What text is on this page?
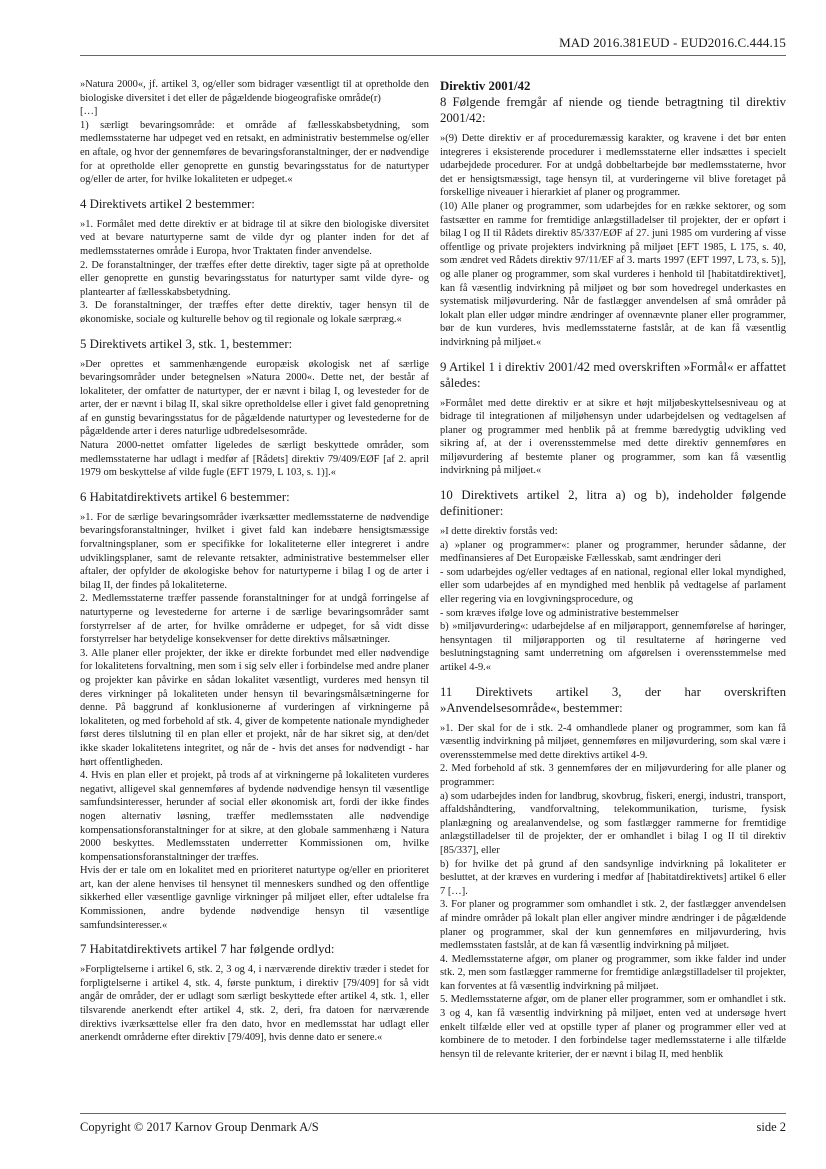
MAD 2016.381EUD - EUD2016.C.444.15

»Natura 2000«, jf. artikel 3, og/eller som bidrager væsentligt til at opretholde den biologiske diversitet i det eller de pågældende biogeografiske område(r)

[…]

1) særligt bevaringsområde: et område af fællesskabsbetydning, som medlemsstaterne har udpeget ved en retsakt, en administrativ bestemmelse og/eller en aftale, og hvor der gennemføres de bevaringsforanstaltninger, der er nødvendige for at opretholde eller genoprette en gunstig bevaringsstatus for de naturtyper og/eller de arter, for hvilke lokaliteten er udpeget.«

4 Direktivets artikel 2 bestemmer:

»1. Formålet med dette direktiv er at bidrage til at sikre den biologiske diversitet ved at bevare naturtyperne samt de vilde dyr og planter inden for det af medlemsstaternes område i Europa, hvor Traktaten finder anvendelse.

2. De foranstaltninger, der træffes efter dette direktiv, tager sigte på at opretholde eller genoprette en gunstig bevaringsstatus for naturtyper samt vilde dyre- og plantearter af fællesskabsbetydning.

3. De foranstaltninger, der træffes efter dette direktiv, tager hensyn til de økonomiske, sociale og kulturelle behov og til regionale og lokale særpræg.«

5 Direktivets artikel 3, stk. 1, bestemmer:

»Der oprettes et sammenhængende europæisk økologisk net af særlige bevaringsområder under betegnelsen »Natura 2000«. Dette net, der består af lokaliteter, der omfatter de naturtyper, der er nævnt i bilag I, og levesteder for de arter, der er nævnt i bilag II, skal sikre opretholdelse eller i givet fald genopretning af en gunstig bevaringsstatus for de pågældende naturtyper og levestederne for de pågældende arter i deres naturlige udbredelsesområde.

Natura 2000-nettet omfatter ligeledes de særligt beskyttede områder, som medlemsstaterne har udlagt i medfør af [Rådets] direktiv 79/409/EØF [af 2. april 1979 om beskyttelse af vilde fugle (EFT 1979, L 103, s. 1)].«

6 Habitatdirektivets artikel 6 bestemmer:

»1. For de særlige bevaringsområder iværksætter medlemsstaterne de nødvendige bevaringsforanstaltninger, hvilket i givet fald kan indebære hensigtsmæssige forvaltningsplaner, som er specifikke for lokaliteterne eller integreret i andre udviklingsplaner, samt de relevante retsakter, administrative bestemmelser eller aftaler, der opfylder de økologiske behov for naturtyperne i bilag I og de arter i bilag II, der findes på lokaliteterne.

2. Medlemsstaterne træffer passende foranstaltninger for at undgå forringelse af naturtyperne og levestederne for arterne i de særlige bevaringsområder samt forstyrrelser af de arter, for hvilke områderne er udpeget, for så vidt disse forstyrrelser har betydelige konsekvenser for dette direktivs målsætninger.

3. Alle planer eller projekter, der ikke er direkte forbundet med eller nødvendige for lokalitetens forvaltning, men som i sig selv eller i forbindelse med andre planer og projekter kan påvirke en sådan lokalitet væsentligt, vurderes med hensyn til deres virkninger på lokaliteten under hensyn til bevaringsmålsætningerne for denne. På baggrund af konklusionerne af vurderingen af virkningerne på lokaliteten, og med forbehold af stk. 4, giver de kompetente nationale myndigheder først deres tilslutning til en plan eller et projekt, når de har sikret sig, at den/det ikke skader lokalitetens integritet, og når de - hvis det anses for nødvendigt - har hørt offentligheden.

4. Hvis en plan eller et projekt, på trods af at virkningerne på lokaliteten vurderes negativt, alligevel skal gennemføres af bydende nødvendige hensyn til væsentlige samfundsinteresser, herunder af social eller økonomisk art, fordi der ikke findes nogen alternativ løsning, træffer medlemsstaten alle nødvendige kompensationsforanstaltninger for at sikre, at den globale sammenhæng i Natura 2000 beskyttes. Medlemsstaten underretter Kommissionen om, hvilke kompensationsforanstaltninger der træffes.

Hvis der er tale om en lokalitet med en prioriteret naturtype og/eller en prioriteret art, kan der alene henvises til hensynet til menneskers sundhed og den offentlige sikkerhed eller væsentlige gavnlige virkninger på miljøet eller, efter udtalelse fra Kommissionen, andre bydende nødvendige hensyn til væsentlige samfundsinteresser.«

7 Habitatdirektivets artikel 7 har følgende ordlyd:

»Forpligtelserne i artikel 6, stk. 2, 3 og 4, i nærværende direktiv træder i stedet for forpligtelserne i artikel 4, stk. 4, første punktum, i direktiv [79/409] for så vidt angår de områder, der er udlagt som særligt beskyttede efter artikel 4, stk. 1, eller tilsvarende anerkendt efter artikel 4, stk. 2, deri, fra datoen for nærværende direktivs iværksættelse eller fra den dato, hvor en medlemsstat har udlagt eller anerkendt områderne efter direktiv [79/409], hvis denne dato er senere.«

Direktiv 2001/42
8 Følgende fremgår af niende og tiende betragtning til direktiv 2001/42:

»(9) Dette direktiv er af proceduremæssig karakter, og kravene i det bør enten integreres i eksisterende procedurer i medlemsstaterne eller indsættes i specielt udarbejdede procedurer. For at undgå dobbeltarbejde bør medlemsstaterne, hvor det er hensigtsmæssigt, tage hensyn til, at vurderingerne vil blive foretaget på forskellige niveauer i hierarkiet af planer og programmer.

(10) Alle planer og programmer, som udarbejdes for en række sektorer, og som fastsætter en ramme for fremtidige anlægstilladelser til projekter, der er opført i bilag I og II til Rådets direktiv 85/337/EØF af 27. juni 1985 om vurdering af visse offentlige og private projekters indvirkning på miljøet [EFT 1985, L 175, s. 40, som ændret ved Rådets direktiv 97/11/EF af 3. marts 1997 (EFT 1997, L 73, s. 5)], og alle planer og programmer, som skal vurderes i henhold til [habitatdirektivet], kan få væsentlig indvirkning på miljøet og bør som hovedregel underkastes en systematisk miljøvurdering. Når de fastlægger anvendelsen af små områder på lokalt plan eller udgør mindre ændringer af ovennævnte planer eller programmer, bør de kun vurderes, hvis medlemsstaterne fastslår, at de kan få væsentlig indvirkning på miljøet.«

9 Artikel 1 i direktiv 2001/42 med overskriften »Formål« er affattet således:

»Formålet med dette direktiv er at sikre et højt miljøbeskyttelsesniveau og at bidrage til integrationen af miljøhensyn under udarbejdelsen og vedtagelsen af planer og programmer med henblik på at fremme bæredygtig udvikling ved sikring af, at der i overensstemmelse med dette direktiv gennemføres en miljøvurdering af bestemte planer og programmer, som kan få væsentlig indvirkning på miljøet.«

10 Direktivets artikel 2, litra a) og b), indeholder følgende definitioner:

»I dette direktiv forstås ved:

a) »planer og programmer«: planer og programmer, herunder sådanne, der medfinansieres af Det Europæiske Fællesskab, samt ændringer deri

- som udarbejdes og/eller vedtages af en national, regional eller lokal myndighed, eller som udarbejdes af en myndighed med henblik på vedtagelse af parlament eller regering via en lovgivningsprocedure, og

- som kræves ifølge love og administrative bestemmelser

b) »miljøvurdering«: udarbejdelse af en miljørapport, gennemførelse af høringer, hensyntagen til miljørapporten og til resultaterne af høringerne ved beslutningstagning samt underretning om afgørelsen i overensstemmelse med artikel 4-9.«

11 Direktivets artikel 3, der har overskriften »Anvendelsesområde«, bestemmer:

»1. Der skal for de i stk. 2-4 omhandlede planer og programmer, som kan få væsentlig indvirkning på miljøet, gennemføres en miljøvurdering, som skal være i overensstemmelse med dette direktivs artikel 4-9.

2. Med forbehold af stk. 3 gennemføres der en miljøvurdering for alle planer og programmer:

a) som udarbejdes inden for landbrug, skovbrug, fiskeri, energi, industri, transport, affaldshåndtering, vandforvaltning, telekommunikation, turisme, fysisk planlægning og arealanvendelse, og som fastlægger rammerne for fremtidige anlægstilladelser til de projekter, der er omhandlet i bilag I og II til direktiv [85/337], eller

b) for hvilke det på grund af den sandsynlige indvirkning på lokaliteter er besluttet, at der kræves en vurdering i medfør af [habitatdirektivets] artikel 6 eller 7 […].

3. For planer og programmer som omhandlet i stk. 2, der fastlægger anvendelsen af mindre områder på lokalt plan eller angiver mindre ændringer i de pågældende planer og programmer, skal der kun gennemføres en miljøvurdering, hvis medlemsstaten fastslår, at de kan få væsentlig indvirkning på miljøet.

4. Medlemsstaterne afgør, om planer og programmer, som ikke falder ind under stk. 2, men som fastlægger rammerne for fremtidige anlægstilladelser til projekter, kan forventes at få væsentlig indvirkning på miljøet.

5. Medlemsstaterne afgør, om de planer eller programmer, som er omhandlet i stk. 3 og 4, kan få væsentlig indvirkning på miljøet, enten ved at undersøge hvert enkelt tilfælde eller ved at opstille typer af planer og programmer eller ved at kombinere de to metoder. I den forbindelse tager medlemsstaterne i alle tilfælde hensyn til de relevante kriterier, der er nævnt i bilag II, med henblik

Copyright © 2017 Karnov Group Denmark A/S	side 2
